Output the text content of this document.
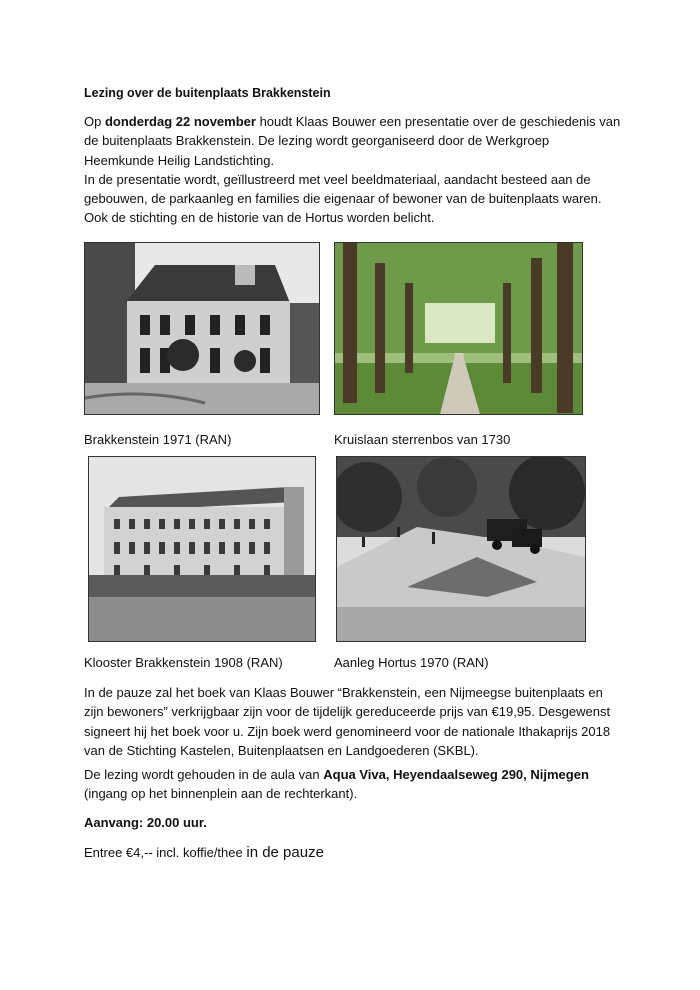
Lezing over de buitenplaats Brakkenstein

Op donderdag 22 november houdt Klaas Bouwer een presentatie over de geschiedenis van

de buitenplaats Brakkenstein. De lezing wordt georganiseerd door de Werkgroep

Heemkunde Heilig Landstichting.

In de presentatie wordt, geïllustreerd met veel beeldmateriaal, aandacht besteed aan de

gebouwen, de parkaanleg en families die eigenaar of bewoner van de buitenplaats waren.

Ook de stichting en de historie van de Hortus worden belicht.

Brakkenstein 1971 (RAN)	Kruislaan sterrenbos van 1730
Klooster Brakkenstein 1908 (RAN)	Aanleg Hortus 1970 (RAN)

In de pauze zal het boek van Klaas Bouwer “Brakkenstein, een Nijmeegse buitenplaats en

zijn bewoners” verkrijgbaar zijn voor de tijdelijk gereduceerde prijs van €19,95. Desgewenst

signeert hij het boek voor u. Zijn boek werd genomineerd voor de nationale Ithakaprijs 2018

van de Stichting Kastelen, Buitenplaatsen en Landgoederen (SKBL).

De lezing wordt gehouden in de aula van Aqua Viva, Heyendaalseweg 290, Nijmegen

(ingang op het binnenplein aan de rechterkant).

Aanvang: 20.00 uur.

Entree €4,-- incl. koffie/thee in de pauze
